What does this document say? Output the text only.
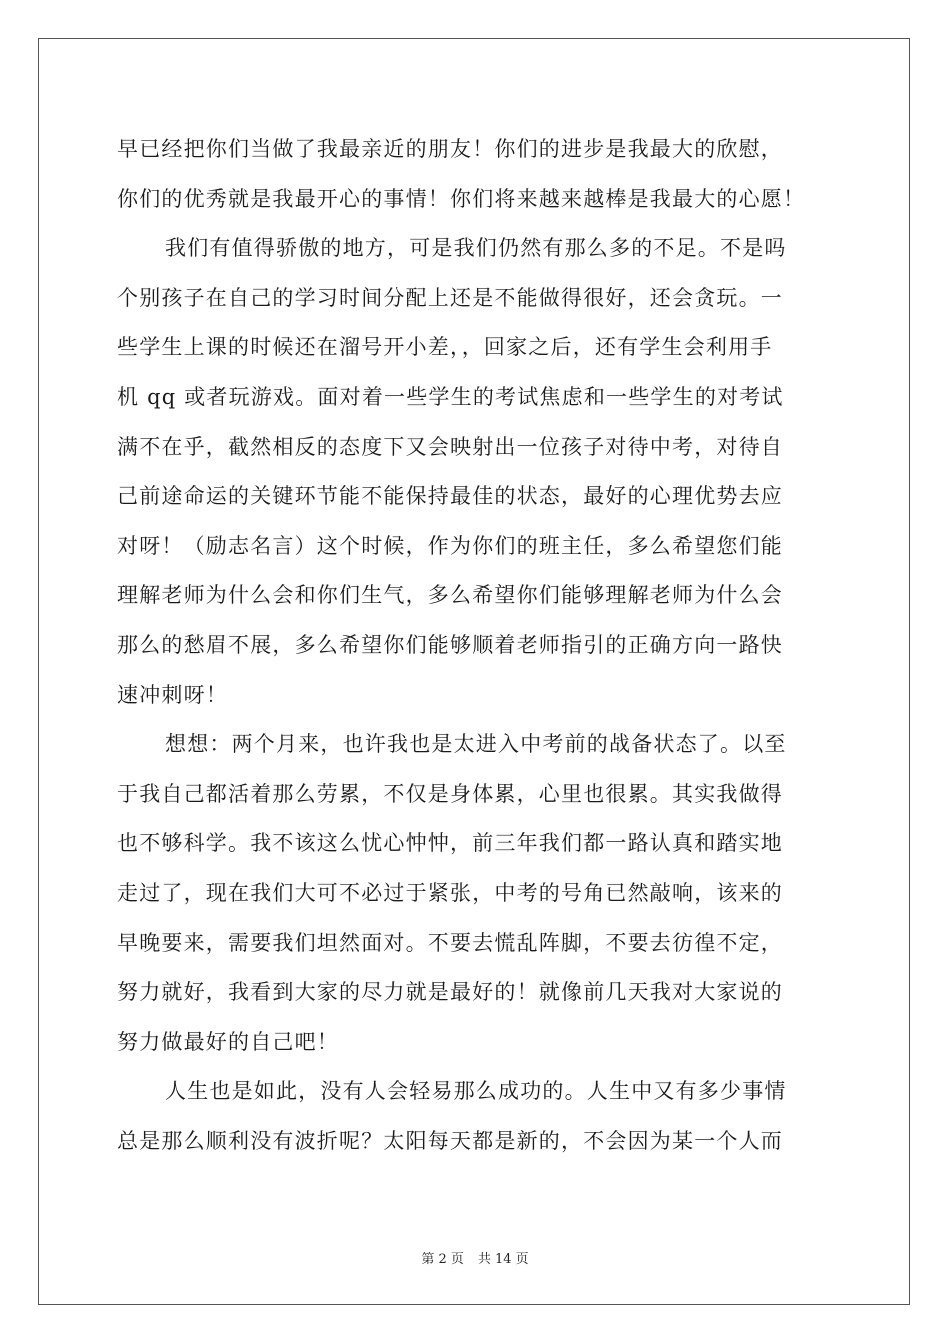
早已经把你们当做了我最亲近的朋友！你们的进步是我最大的欣慰，
你们的优秀就是我最开心的事情！你们将来越来越棒是我最大的心愿！
我们有值得骄傲的地方，可是我们仍然有那么多的不足。不是吗
个别孩子在自己的学习时间分配上还是不能做得很好，还会贪玩。一
些学生上课的时候还在溜号开小差，，回家之后，还有学生会利用手
机 qq 或者玩游戏。面对着一些学生的考试焦虑和一些学生的对考试
满不在乎，截然相反的态度下又会映射出一位孩子对待中考，对待自
己前途命运的关键环节能不能保持最佳的状态，最好的心理优势去应
对呀！（励志名言）这个时候，作为你们的班主任，多么希望您们能
理解老师为什么会和你们生气，多么希望你们能够理解老师为什么会
那么的愁眉不展，多么希望你们能够顺着老师指引的正确方向一路快
速冲刺呀！
想想：两个月来，也许我也是太进入中考前的战备状态了。以至
于我自己都活着那么劳累，不仅是身体累，心里也很累。其实我做得
也不够科学。我不该这么忧心忡忡，前三年我们都一路认真和踏实地
走过了，现在我们大可不必过于紧张，中考的号角已然敲响，该来的
早晚要来，需要我们坦然面对。不要去慌乱阵脚，不要去彷徨不定，
努力就好，我看到大家的尽力就是最好的！就像前几天我对大家说的
努力做最好的自己吧！
人生也是如此，没有人会轻易那么成功的。人生中又有多少事情
总是那么顺利没有波折呢？太阳每天都是新的，不会因为某一个人而
第 2 页 共 14 页
